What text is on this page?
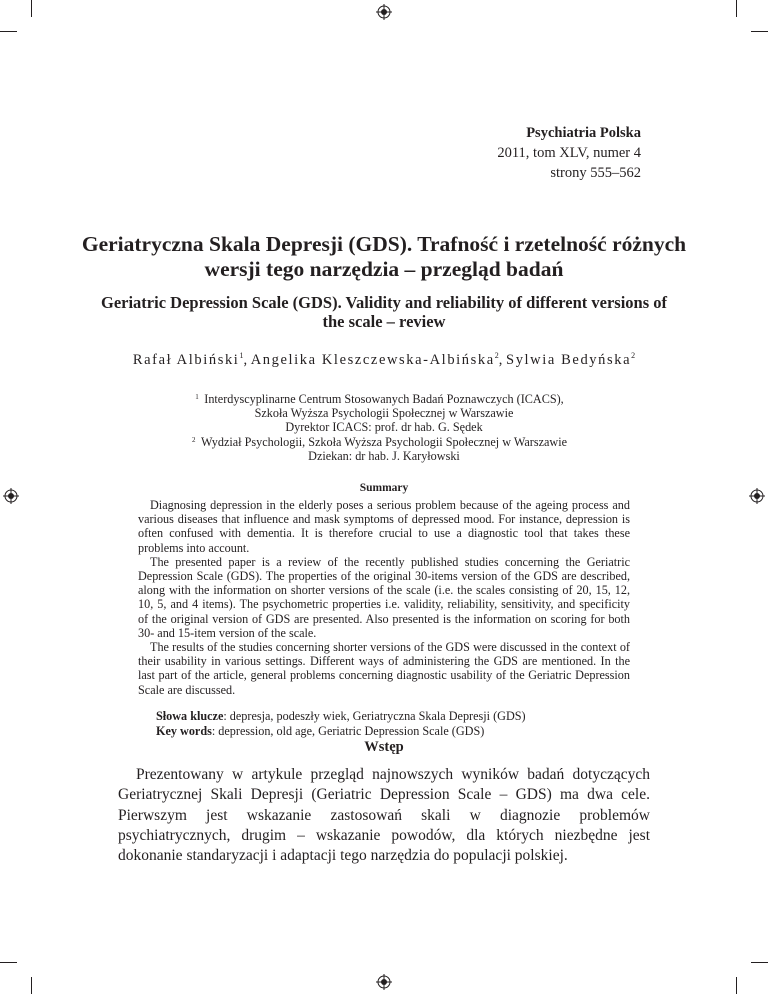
Psychiatria Polska
2011, tom XLV, numer 4
strony 555–562
Geriatryczna Skala Depresji (GDS). Trafność i rzetelność różnych wersji tego narzędzia – przegląd badań
Geriatric Depression Scale (GDS). Validity and reliability of different versions of the scale – review
Rafał Albiński$^1$, Angelika Kleszczewska-Albińska$^2$, Sylwia Bedyńska$^2$
1 Interdyscyplinarne Centrum Stosowanych Badań Poznawczych (ICACS),
Szkoła Wyższa Psychologii Społecznej w Warszawie
Dyrektor ICACS: prof. dr hab. G. Sędek
2 Wydział Psychologii, Szkoła Wyższa Psychologii Społecznej w Warszawie
Dziekan: dr hab. J. Karyłowski
Summary

Diagnosing depression in the elderly poses a serious problem because of the ageing process and various diseases that influence and mask symptoms of depressed mood. For instance, depression is often confused with dementia. It is therefore crucial to use a diagnostic tool that takes these problems into account.

The presented paper is a review of the recently published studies concerning the Geriatric Depression Scale (GDS). The properties of the original 30-items version of the GDS are described, along with the information on shorter versions of the scale (i.e. the scales consisting of 20, 15, 12, 10, 5, and 4 items). The psychometric properties i.e. validity, reliability, sensitivity, and specificity of the original version of GDS are presented. Also presented is the information on scoring for both 30- and 15-item version of the scale.

The results of the studies concerning shorter versions of the GDS were discussed in the context of their usability in various settings. Different ways of administering the GDS are mentioned. In the last part of the article, general problems concerning diagnostic usability of the Geriatric Depression Scale are discussed.

Słowa klucze: depresja, podeszły wiek, Geriatryczna Skala Depresji (GDS)
Key words: depression, old age, Geriatric Depression Scale (GDS)
Wstęp

Prezentowany w artykule przegląd najnowszych wyników badań dotyczących Geriatrycznej Skali Depresji (Geriatric Depression Scale – GDS) ma dwa cele. Pierwszym jest wskazanie zastosowań skali w diagnozie problemów psychiatrycznych, drugim – wskazanie powodów, dla których niezbędne jest dokonanie standaryzacji i adaptacji tego narzędzia do populacji polskiej.
